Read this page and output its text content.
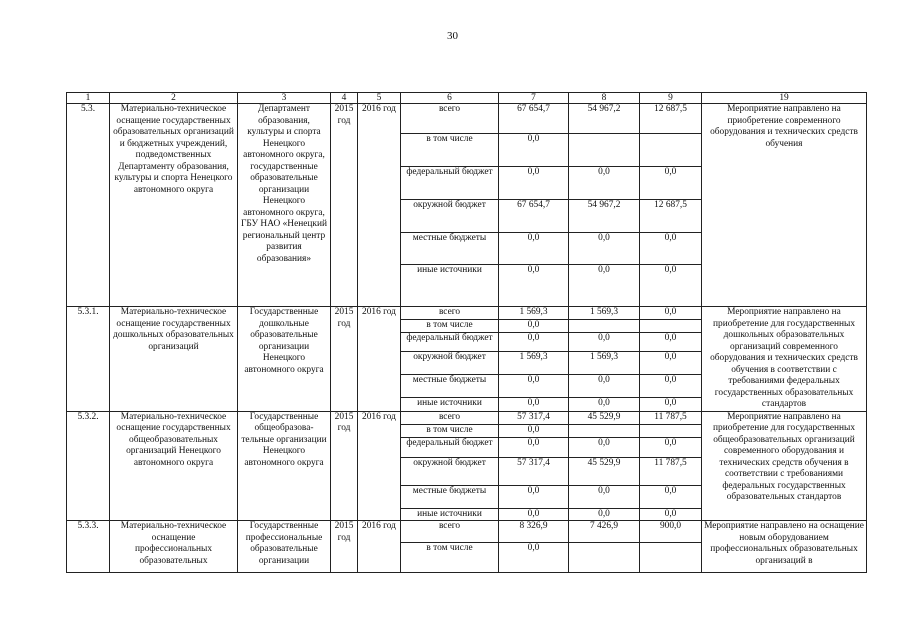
30
1	2	3	4	5	6	7	8	9	19
5.3.	Материально-техническое оснащение государственных образовательных организаций и бюджетных учреждений, подведомственных Департаменту образования, культуры и спорта Ненецкого автономного округа	Департамент образования, культуры и спорта Ненецкого автономного округа, государственные образовательные организации Ненецкого автономного округа, ГБУ НАО «Ненецкий региональный центр развития образования»	2015 год	2016 год	всего	67 654,7	54 967,2	12 687,5	Мероприятие направлено на приобретение современного оборудования и технических средств обучения
					в том числе	0,0			
					федеральный бюджет	0,0	0,0	0,0	
					окружной бюджет	67 654,7	54 967,2	12 687,5	
					местные бюджеты	0,0	0,0	0,0	
					иные источники	0,0	0,0	0,0	
5.3.1.	Материально-техническое оснащение государственных дошкольных образовательных организаций	Государственные дошкольные образовательные организации Ненецкого автономного округа	2015 год	2016 год	всего	1 569,3	1 569,3	0,0	Мероприятие направлено на приобретение для государственных дошкольных образовательных организаций современного оборудования и технических средств обучения в соответствии с требованиями федеральных государственных образовательных стандартов
					в том числе	0,0			
					федеральный бюджет	0,0	0,0	0,0	
					окружной бюджет	1 569,3	1 569,3	0,0	
					местные бюджеты	0,0	0,0	0,0	
					иные источники	0,0	0,0	0,0	
5.3.2.	Материально-техническое оснащение государственных общеобразовательных организаций Ненецкого автономного округа	Государственные общеобразова-тельные организации Ненецкого автономного округа	2015 год	2016 год	всего	57 317,4	45 529,9	11 787,5	Мероприятие направлено на приобретение для государственных общеобразовательных организаций современного оборудования и технических средств обучения в соответствии с требованиями федеральных государственных образовательных стандартов
					в том числе	0,0			
					федеральный бюджет	0,0	0,0	0,0	
					окружной бюджет	57 317,4	45 529,9	11 787,5	
					местные бюджеты	0,0	0,0	0,0	
					иные источники	0,0	0,0	0,0	
5.3.3.	Материально-техническое оснащение профессиональных образовательных	Государственные профессиональные образовательные организации	2015 год	2016 год	всего	8 326,9	7 426,9	900,0	Мероприятие направлено на оснащение новым оборудованием профессиональных образовательных организаций в
					в том числе	0,0			
